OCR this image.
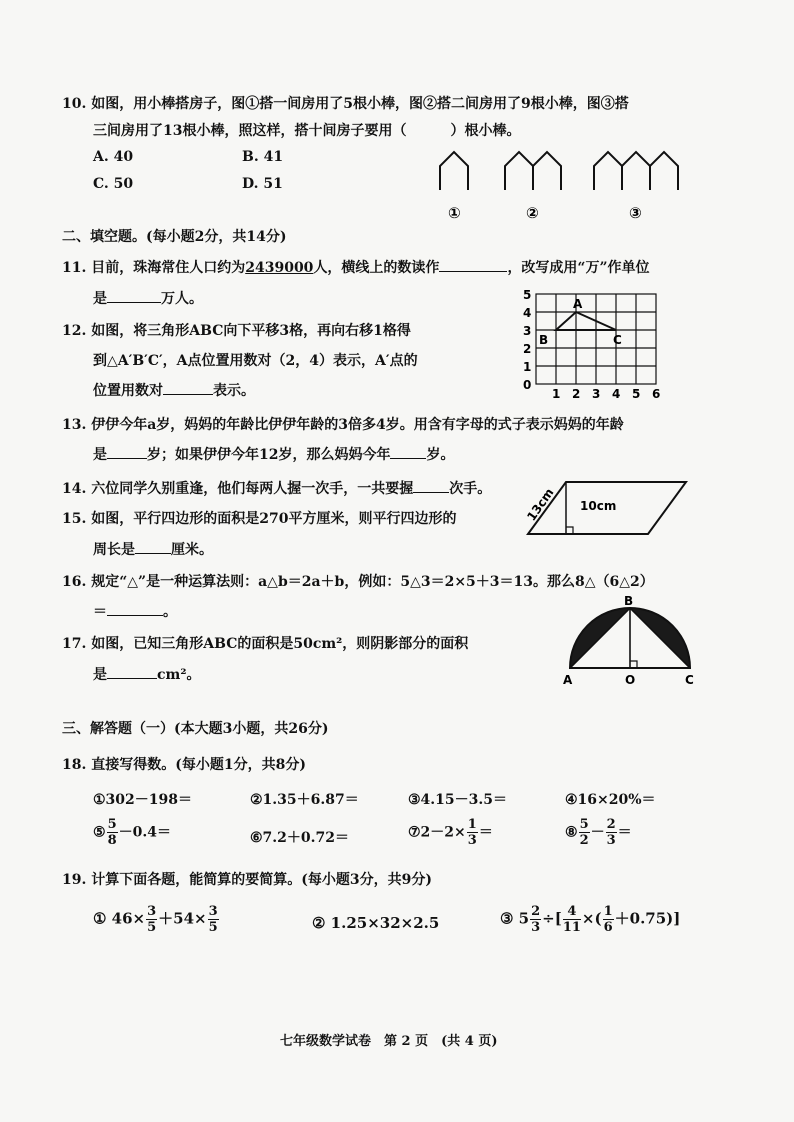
10. 如图，用小棒搭房子，图①搭一间房用了5根小棒，图②搭二间房用了9根小棒，图③搭
三间房用了13根小棒，照这样，搭十间房子要用（	）根小棒。
A. 40	B. 41
C. 50	D. 51
①	②	③
二、填空题。(每小题2分，共14分)
11. 目前，珠海常住人口约为2439000人，横线上的数读作	，改写成用“万”作单位
是	万人。
12. 如图，将三角形ABC向下平移3格，再向右移1格得
到△A′B′C′，A点位置用数对（2，4）表示，A′点的
位置用数对	表示。
A
B	C
5
4
3
2
1
0
1 2 3 4 5 6
13. 伊伊今年a岁，妈妈的年龄比伊伊年龄的3倍多4岁。用含有字母的式子表示妈妈的年龄
是	岁；如果伊伊今年12岁，那么妈妈今年	岁。
14. 六位同学久别重逢，他们每两人握一次手，一共要握	次手。
15. 如图，平行四边形的面积是270平方厘米，则平行四边形的
周长是	厘米。
13cm 10cm
16. 规定“△”是一种运算法则：a△b＝2a＋b，例如：5△3＝2×5＋3＝13。那么8△（6△2）
＝	。
17. 如图，已知三角形ABC的面积是50cm²，则阴影部分的面积
是	cm²。
B
A	O	C
三、解答题（一）(本大题3小题，共26分)
18. 直接写得数。(每小题1分，共8分)
①302－198＝	②1.35＋6.87＝	③4.15－3.5＝	④16×20%＝
⑤ $\frac{5}{8} -0.4=$	⑥7.2＋0.72＝	⑦2－2× $\frac{1}{3}$ ＝	⑧ $\frac{5}{2} - \frac{2}{3}$ ＝
19. 计算下面各题，能简算的要简算。(每小题3分，共9分)
① $46\times \frac{3}{5} +54\times \frac{3}{5}$	② 1.25×32×2.5	③ $5 \frac{2}{3}$ ÷[ $\frac{4}{11}$ ×( $\frac{1}{6} +0.75$)]
七年级数学试卷　第 2 页　(共 4 页)
